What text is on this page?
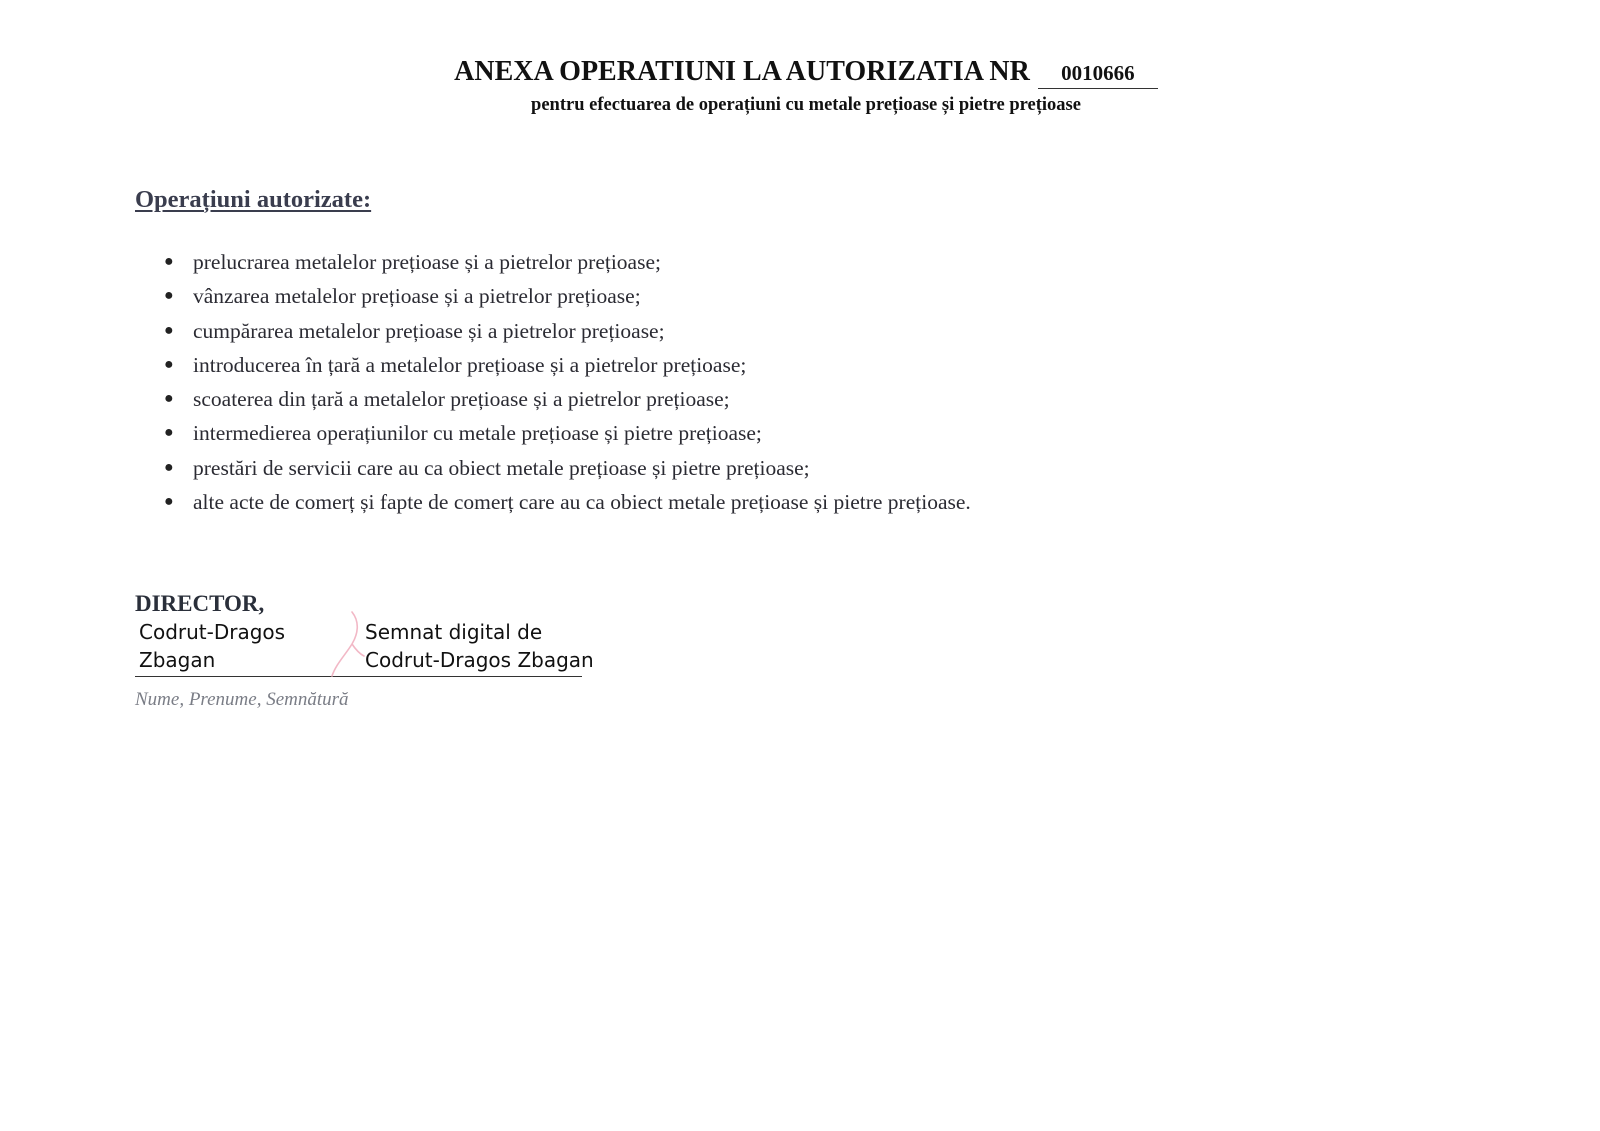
ANEXA OPERATIUNI LA AUTORIZATIA NR	0010666
pentru efectuarea de operațiuni cu metale prețioase și pietre prețioase
Operațiuni autorizate:
● prelucrarea metalelor prețioase și a pietrelor prețioase;
● vânzarea metalelor prețioase și a pietrelor prețioase;
● cumpărarea metalelor prețioase și a pietrelor prețioase;
● introducerea în țară a metalelor prețioase și a pietrelor prețioase;
● scoaterea din țară a metalelor prețioase și a pietrelor prețioase;
● intermedierea operațiunilor cu metale prețioase și pietre prețioase;
● prestări de servicii care au ca obiect metale prețioase și pietre prețioase;
● alte acte de comerț și fapte de comerț care au ca obiect metale prețioase și pietre prețioase.
DIRECTOR,
Codrut-Dragos
Zbagan
Semnat digital de
Codrut-Dragos Zbagan
Nume, Prenume, Semnătură
